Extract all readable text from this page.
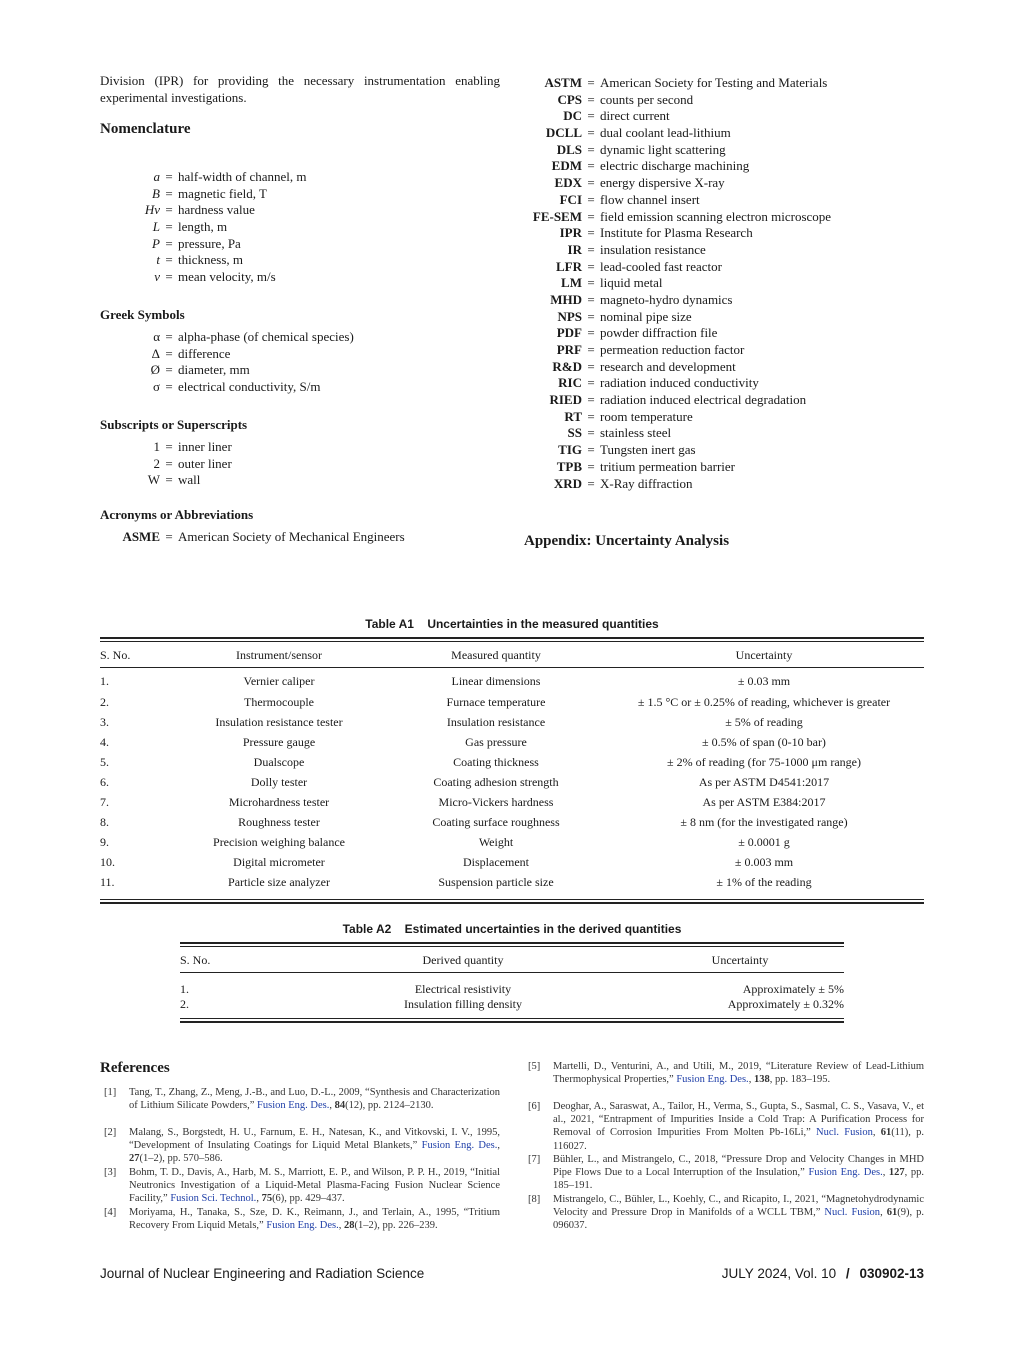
Division (IPR) for providing the necessary instrumentation enabling experimental investigations.
Nomenclature
a = half-width of channel, m
B = magnetic field, T
Hv = hardness value
L = length, m
P = pressure, Pa
t = thickness, m
v = mean velocity, m/s
Greek Symbols
α = alpha-phase (of chemical species)
Δ = difference
Ø = diameter, mm
σ = electrical conductivity, S/m
Subscripts or Superscripts
1 = inner liner
2 = outer liner
W = wall
Acronyms or Abbreviations
ASME = American Society of Mechanical Engineers
ASTM = American Society for Testing and Materials
CPS = counts per second
DC = direct current
DCLL = dual coolant lead-lithium
DLS = dynamic light scattering
EDM = electric discharge machining
EDX = energy dispersive X-ray
FCI = flow channel insert
FE-SEM = field emission scanning electron microscope
IPR = Institute for Plasma Research
IR = insulation resistance
LFR = lead-cooled fast reactor
LM = liquid metal
MHD = magneto-hydro dynamics
NPS = nominal pipe size
PDF = powder diffraction file
PRF = permeation reduction factor
R&D = research and development
RIC = radiation induced conductivity
RIED = radiation induced electrical degradation
RT = room temperature
SS = stainless steel
TIG = Tungsten inert gas
TPB = tritium permeation barrier
XRD = X-Ray diffraction
Appendix: Uncertainty Analysis
Table A1 Uncertainties in the measured quantities
S. No.	Instrument/sensor	Measured quantity	Uncertainty
1.	Vernier caliper	Linear dimensions	± 0.03 mm
2.	Thermocouple	Furnace temperature	± 1.5 °C or ± 0.25% of reading, whichever is greater
3.	Insulation resistance tester	Insulation resistance	± 5% of reading
4.	Pressure gauge	Gas pressure	± 0.5% of span (0-10 bar)
5.	Dualscope	Coating thickness	± 2% of reading (for 75-1000 μm range)
6.	Dolly tester	Coating adhesion strength	As per ASTM D4541:2017
7.	Microhardness tester	Micro-Vickers hardness	As per ASTM E384:2017
8.	Roughness tester	Coating surface roughness	± 8 nm (for the investigated range)
9.	Precision weighing balance	Weight	± 0.0001 g
10.	Digital micrometer	Displacement	± 0.003 mm
11.	Particle size analyzer	Suspension particle size	± 1% of the reading
Table A2 Estimated uncertainties in the derived quantities
S. No.	Derived quantity	Uncertainty
1.	Electrical resistivity	Approximately ± 5%
2.	Insulation filling density	Approximately ± 0.32%
References
[1] Tang, T., Zhang, Z., Meng, J.-B., and Luo, D.-L., 2009, “Synthesis and Characterization of Lithium Silicate Powders,” Fusion Eng. Des., 84(12), pp. 2124–2130.
[2] Malang, S., Borgstedt, H. U., Farnum, E. H., Natesan, K., and Vitkovski, I. V., 1995, “Development of Insulating Coatings for Liquid Metal Blankets,” Fusion Eng. Des., 27(1–2), pp. 570–586.
[3] Bohm, T. D., Davis, A., Harb, M. S., Marriott, E. P., and Wilson, P. P. H., 2019, “Initial Neutronics Investigation of a Liquid-Metal Plasma-Facing Fusion Nuclear Science Facility,” Fusion Sci. Technol., 75(6), pp. 429–437.
[4] Moriyama, H., Tanaka, S., Sze, D. K., Reimann, J., and Terlain, A., 1995, “Tritium Recovery From Liquid Metals,” Fusion Eng. Des., 28(1–2), pp. 226–239.
[5] Martelli, D., Venturini, A., and Utili, M., 2019, “Literature Review of Lead-Lithium Thermophysical Properties,” Fusion Eng. Des., 138, pp. 183–195.
[6] Deoghar, A., Saraswat, A., Tailor, H., Verma, S., Gupta, S., Sasmal, C. S., Vasava, V., et al., 2021, “Entrapment of Impurities Inside a Cold Trap: A Purification Process for Removal of Corrosion Impurities From Molten Pb-16Li,” Nucl. Fusion, 61(11), p. 116027.
[7] Bühler, L., and Mistrangelo, C., 2018, “Pressure Drop and Velocity Changes in MHD Pipe Flows Due to a Local Interruption of the Insulation,” Fusion Eng. Des., 127, pp. 185–191.
[8] Mistrangelo, C., Bühler, L., Koehly, C., and Ricapito, I., 2021, “Magnetohydrodynamic Velocity and Pressure Drop in Manifolds of a WCLL TBM,” Nucl. Fusion, 61(9), p. 096037.
Journal of Nuclear Engineering and Radiation Science	JULY 2024, Vol. 10 / 030902-13
